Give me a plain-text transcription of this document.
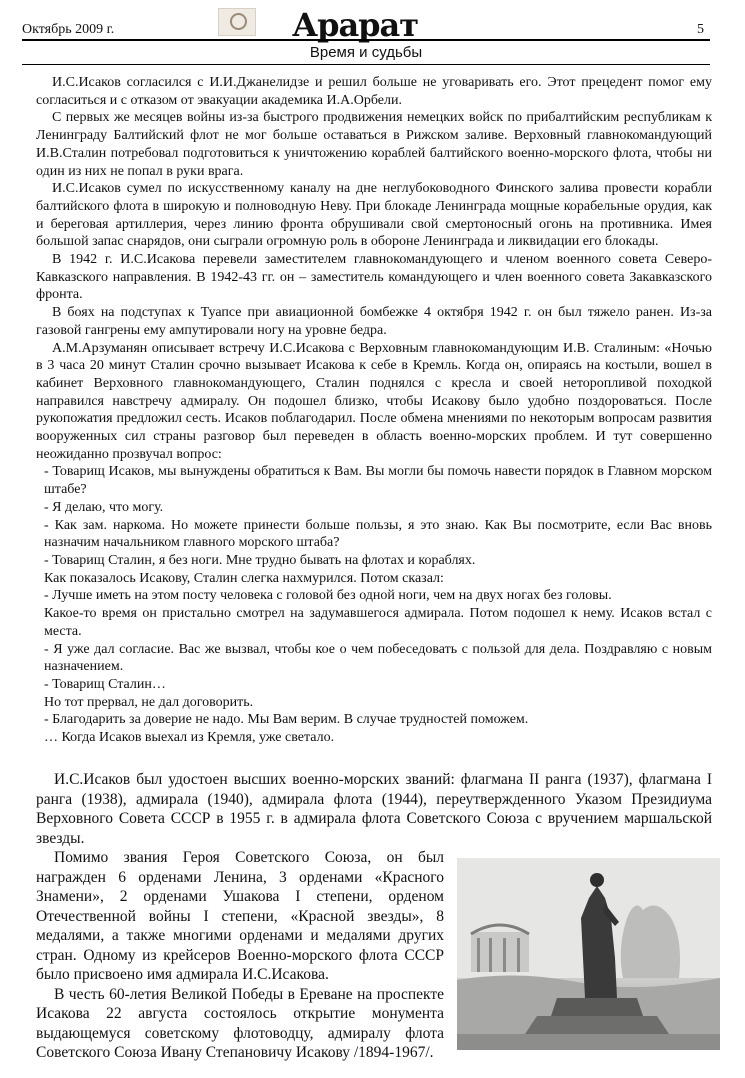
Октябрь 2009 г.	Арарат	5
Время и судьбы

И.С.Исаков согласился с И.И.Джанелидзе и решил больше не уговаривать его. Этот прецедент помог ему согласиться и с отказом от эвакуации академика И.А.Орбели.

С первых же месяцев войны из-за быстрого продвижения немецких войск по прибалтийским республикам к Ленинграду Балтийский флот не мог больше оставаться в Рижском заливе. Верховный главнокомандующий И.В.Сталин потребовал подготовиться к уничтожению кораблей балтийского военно-морского флота, чтобы ни один из них не попал в руки врага.

И.С.Исаков сумел по искусственному каналу на дне неглубоководного Финского залива провести корабли балтийского флота в широкую и полноводную Неву. При блокаде Ленинграда мощные корабельные орудия, как и береговая артиллерия, через линию фронта обрушивали свой смертоносный огонь на противника. Имея большой запас снарядов, они сыграли огромную роль в обороне Ленинграда и ликвидации его блокады.

В 1942 г. И.С.Исакова перевели заместителем главнокомандующего и членом военного совета Северо-Кавказского направления. В 1942-43 гг. он – заместитель командующего и член военного совета Закавказского фронта.

В боях на подступах к Туапсе при авиационной бомбежке 4 октября 1942 г. он был тяжело ранен. Из-за газовой гангрены ему ампутировали ногу на уровне бедра.

А.М.Арзуманян описывает встречу И.С.Исакова с Верховным главнокомандующим И.В. Сталиным: «Ночью в 3 часа 20 минут Сталин срочно вызывает Исакова к себе в Кремль. Когда он, опираясь на костыли, вошел в кабинет Верховного главнокомандующего, Сталин поднялся с кресла и своей неторопливой походкой направился навстречу адмиралу. Он подошел близко, чтобы Исакову было удобно поздороваться. После рукопожатия предложил сесть. Исаков поблагодарил. После обмена мнениями по некоторым вопросам развития вооруженных сил страны разговор был переведен в область военно-морских проблем. И тут совершенно неожиданно прозвучал вопрос:

- Товарищ Исаков, мы вынуждены обратиться к Вам. Вы могли бы помочь навести порядок в Главном морском штабе?

- Я делаю, что могу.

- Как зам. наркома. Но можете принести больше пользы, я это знаю. Как Вы посмотрите, если Вас вновь назначим начальником главного морского штаба?

- Товарищ Сталин, я без ноги. Мне трудно бывать на флотах и кораблях.

Как показалось Исакову, Сталин слегка нахмурился. Потом сказал:

- Лучше иметь на этом посту человека с головой без одной ноги, чем на двух ногах без головы.

Какое-то время он пристально смотрел на задумавшегося адмирала. Потом подошел к нему. Исаков встал с места.

- Я уже дал согласие. Вас же вызвал, чтобы кое о чем побеседовать с пользой для дела. Поздравляю с новым назначением.

- Товарищ Сталин…

Но тот прервал, не дал договорить.

- Благодарить за доверие не надо. Мы Вам верим. В случае трудностей поможем.

… Когда Исаков выехал из Кремля, уже светало.

И.С.Исаков был удостоен высших военно-морских званий: флагмана II ранга (1937), флагмана I ранга (1938), адмирала (1940), адмирала флота (1944), переутвержденного Указом Президиума Верховного Совета СССР в 1955 г. в адмирала флота Советского Союза с вручением маршальской звезды.

Помимо звания Героя Советского Союза, он был награжден 6 орденами Ленина, 3 орденами «Красного Знамени», 2 орденами Ушакова I степени, орденом Отечественной войны I степени, «Красной звезды», 8 медалями, а также многими орденами и медалями других стран. Одному из крейсеров Военно-морского флота СССР было присвоено имя адмирала И.С.Исакова.

В честь 60-летия Великой Победы в Ереване на проспекте Исакова 22 августа состоялось открытие монумента выдающемуся советскому флотоводцу, адмиралу флота Советского Союза Ивану Степановичу Исакову /1894-1967/.
